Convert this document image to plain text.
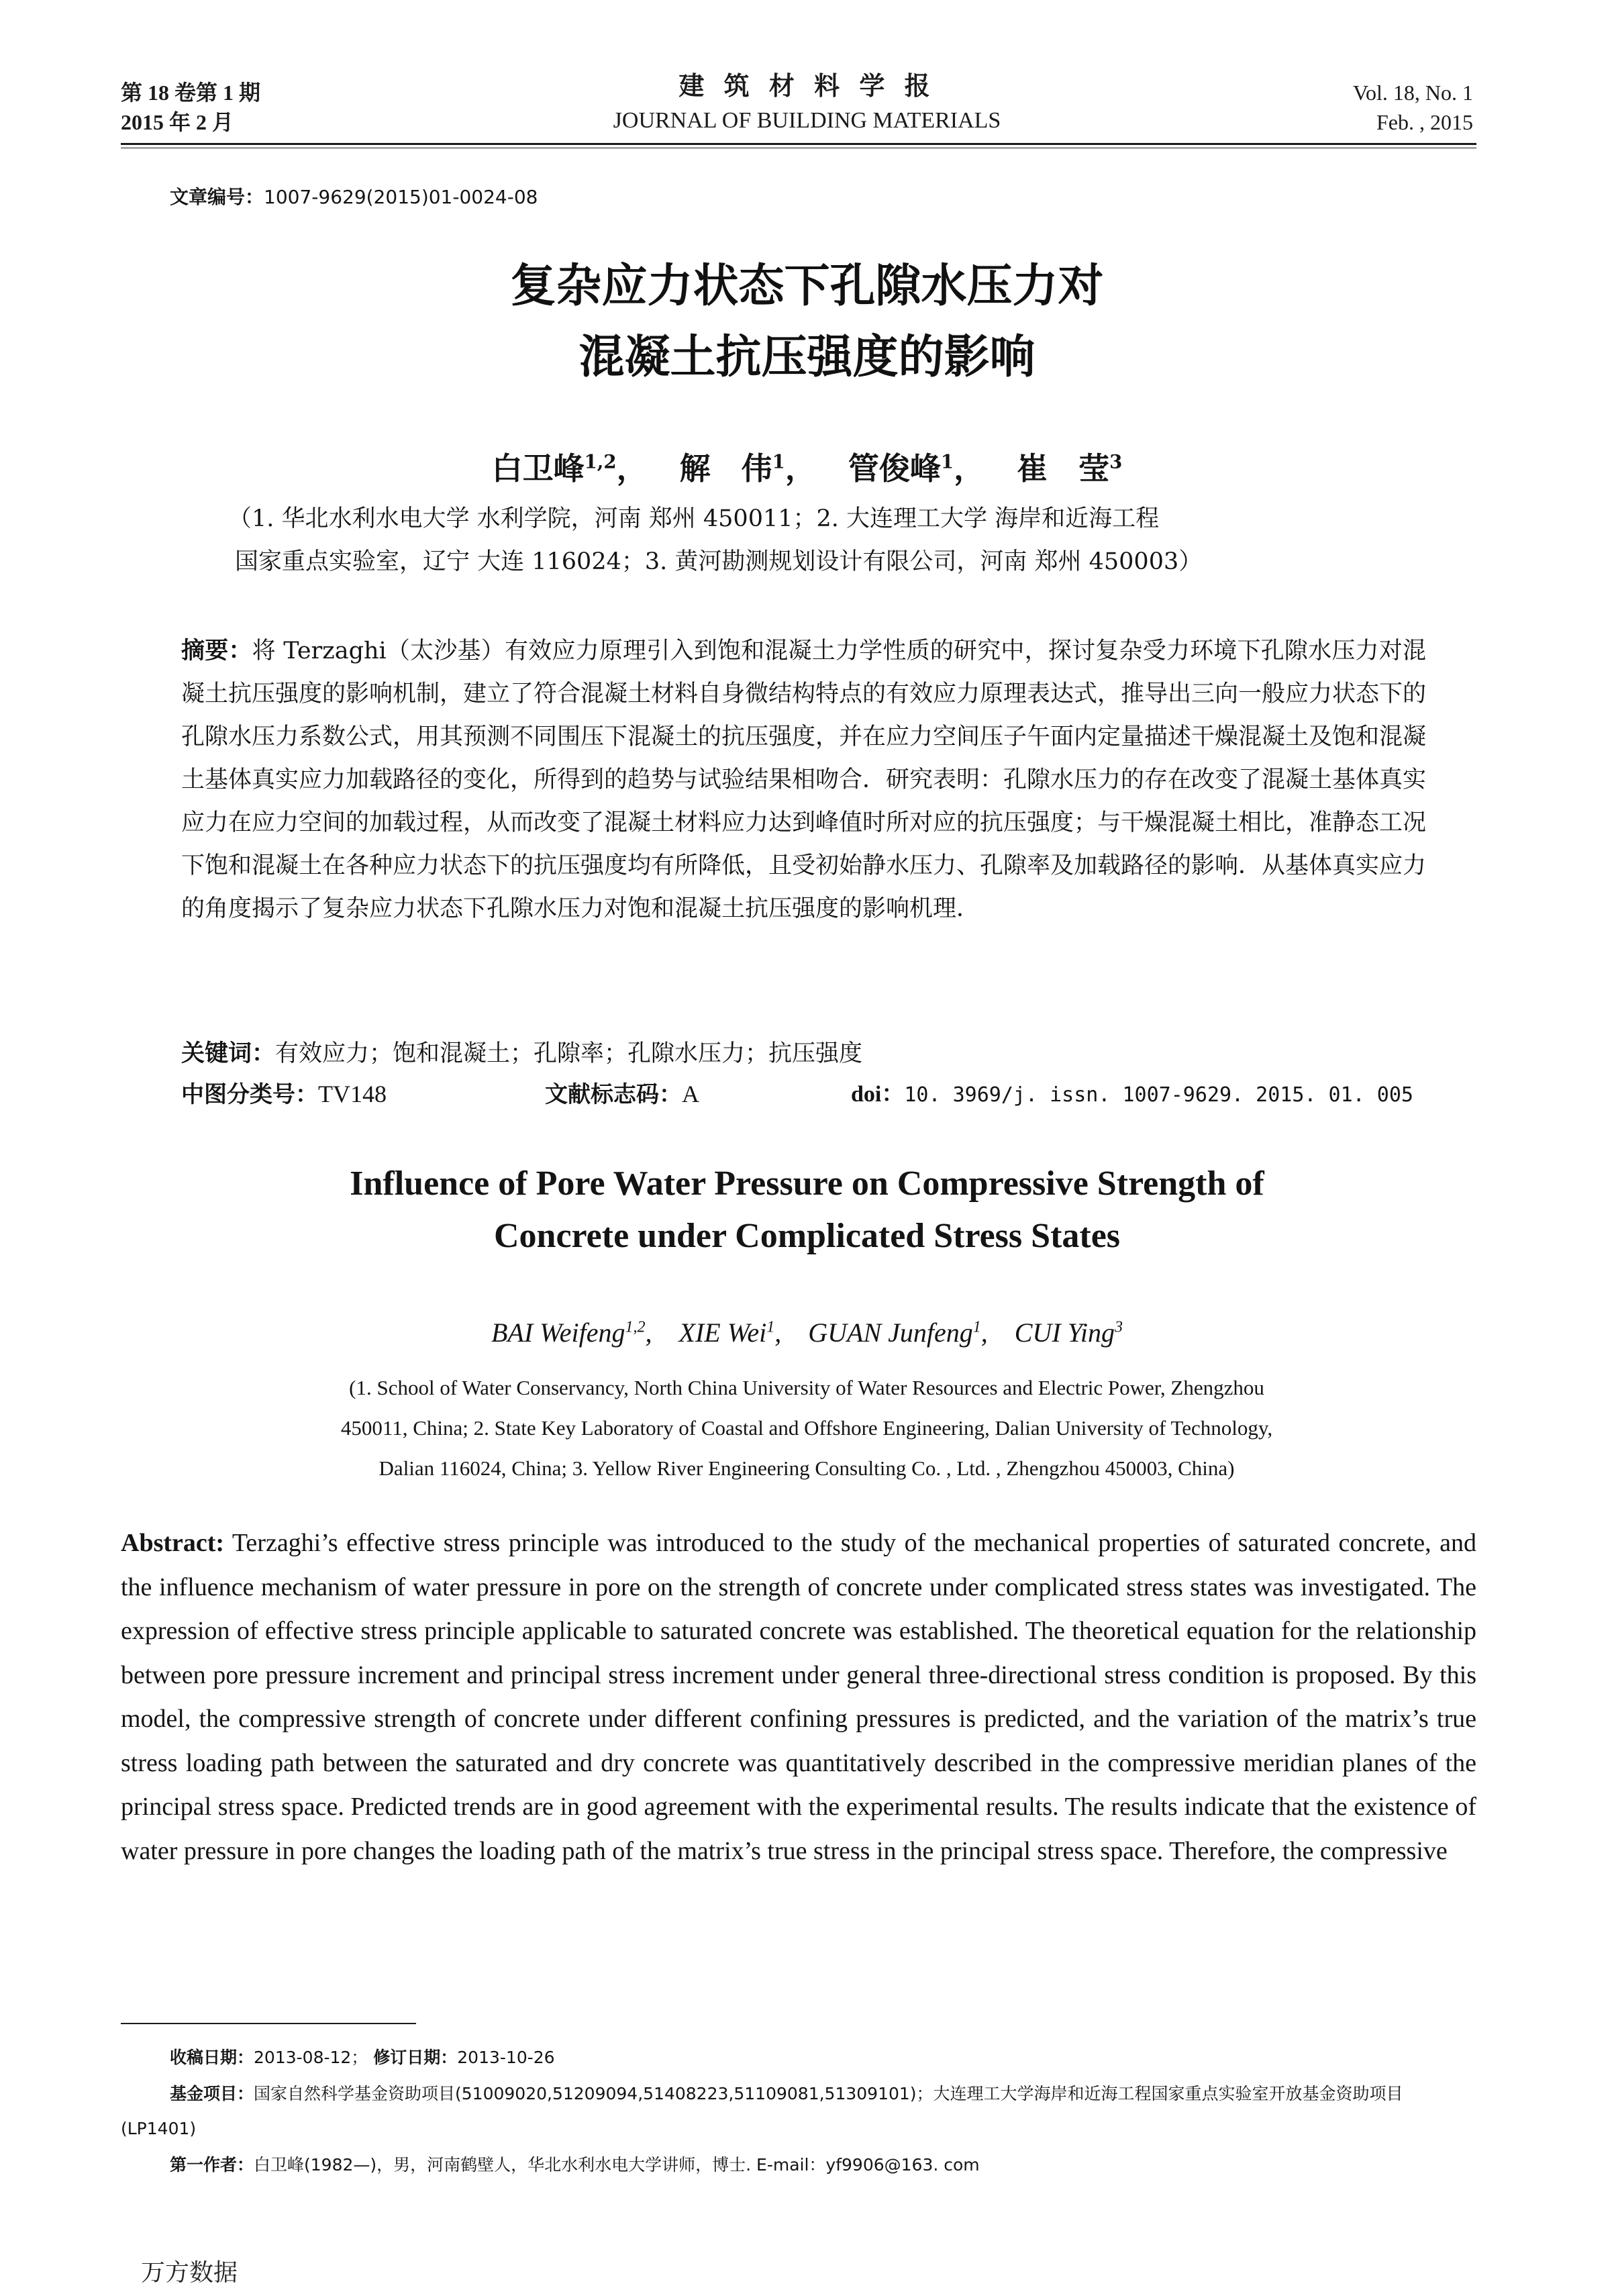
第 18 卷第 1 期
2015 年 2 月
建 筑 材 料 学 报
JOURNAL OF BUILDING MATERIALS
Vol. 18, No. 1
Feb. , 2015
文章编号：1007-9629(2015)01-0024-08
复杂应力状态下孔隙水压力对
混凝土抗压强度的影响
白卫峰$^{1,2}$，   解　伟$^1$，   管俊峰$^1$，   崔　莹$^3$
（1. 华北水利水电大学 水利学院，河南 郑州 450011；2. 大连理工大学 海岸和近海工程
国家重点实验室，辽宁 大连 116024；3. 黄河勘测规划设计有限公司，河南 郑州 450003）
摘要：将 Terzaghi（太沙基）有效应力原理引入到饱和混凝土力学性质的研究中，探讨复杂受力环境下孔隙水压力对混凝土抗压强度的影响机制，建立了符合混凝土材料自身微结构特点的有效应力原理表达式，推导出三向一般应力状态下的孔隙水压力系数公式，用其预测不同围压下混凝土的抗压强度，并在应力空间压子午面内定量描述干燥混凝土及饱和混凝土基体真实应力加载路径的变化，所得到的趋势与试验结果相吻合．研究表明：孔隙水压力的存在改变了混凝土基体真实应力在应力空间的加载过程，从而改变了混凝土材料应力达到峰值时所对应的抗压强度；与干燥混凝土相比，准静态工况下饱和混凝土在各种应力状态下的抗压强度均有所降低，且受初始静水压力、孔隙率及加载路径的影响．从基体真实应力的角度揭示了复杂应力状态下孔隙水压力对饱和混凝土抗压强度的影响机理．
关键词：有效应力；饱和混凝土；孔隙率；孔隙水压力；抗压强度
中图分类号：TV148	文献标志码：A	doi：10. 3969/j. issn. 1007-9629. 2015. 01. 005
Influence of Pore Water Pressure on Compressive Strength of
Concrete under Complicated Stress States
BAI Weifeng$^{1,2}$,    XIE Wei$^1$,    GUAN Junfeng$^1$,    CUI Ying$^3$
(1. School of Water Conservancy, North China University of Water Resources and Electric Power, Zhengzhou
450011, China; 2. State Key Laboratory of Coastal and Offshore Engineering, Dalian University of Technology,
Dalian 116024, China; 3. Yellow River Engineering Consulting Co. , Ltd. , Zhengzhou 450003, China)
Abstract: Terzaghi’s effective stress principle was introduced to the study of the mechanical properties of saturated concrete, and the influence mechanism of water pressure in pore on the strength of concrete under complicated stress states was investigated. The expression of effective stress principle applicable to saturated concrete was established. The theoretical equation for the relationship between pore pressure increment and principal stress increment under general three-directional stress condition is proposed. By this model, the compressive strength of concrete under different confining pressures is predicted, and the variation of the matrix’s true stress loading path between the saturated and dry concrete was quantitatively described in the compressive meridian planes of the principal stress space. Predicted trends are in good agreement with the experimental results. The results indicate that the existence of water pressure in pore changes the loading path of the matrix’s true stress in the principal stress space. Therefore, the compressive
收稿日期：2013-08-12； 修订日期：2013-10-26
基金项目：国家自然科学基金资助项目(51009020,51209094,51408223,51109081,51309101)；大连理工大学海岸和近海工程国家重点实验室开放基金资助项目(LP1401)
第一作者：白卫峰(1982—)，男，河南鹤壁人，华北水利水电大学讲师，博士. E-mail：yf9906@163. com
万方数据
